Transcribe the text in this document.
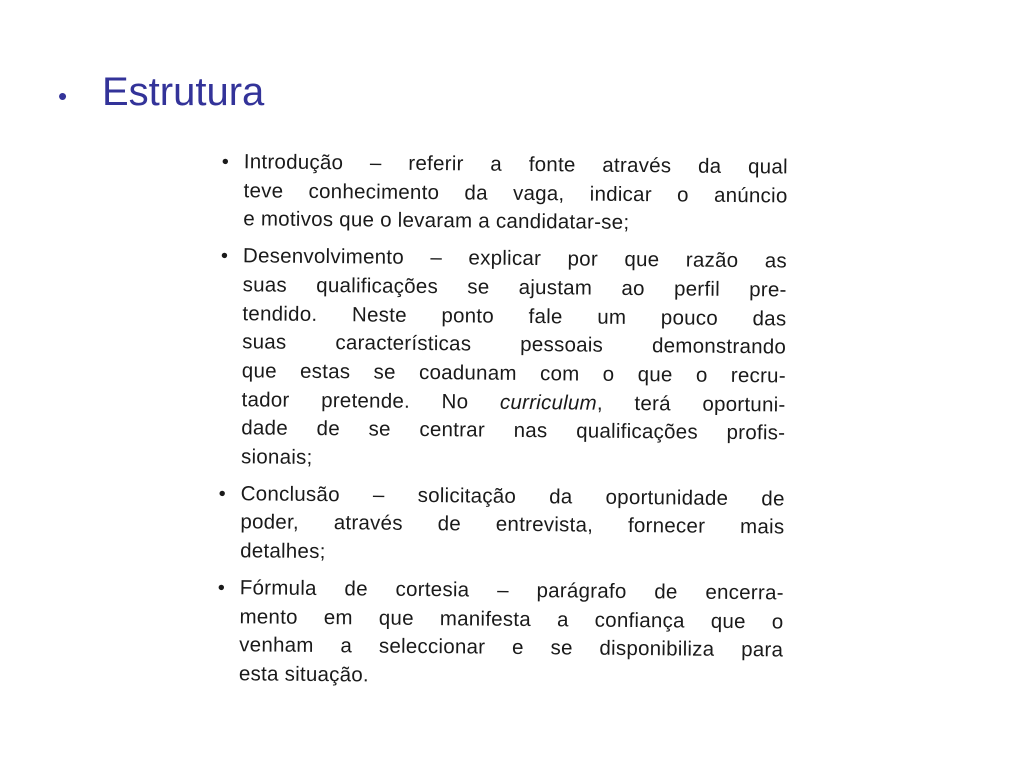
• Estrutura
• Introdução – referir a fonte através da qual
teve conhecimento da vaga, indicar o anúncio
e motivos que o levaram a candidatar-se;
• Desenvolvimento – explicar por que razão as
suas qualificações se ajustam ao perfil pre-
tendido. Neste ponto fale um pouco das
suas características pessoais demonstrando
que estas se coadunam com o que o recru-
tador pretende. No curriculum, terá oportuni-
dade de se centrar nas qualificações profis-
sionais;
• Conclusão – solicitação da oportunidade de
poder, através de entrevista, fornecer mais
detalhes;
• Fórmula de cortesia – parágrafo de encerra-
mento em que manifesta a confiança que o
venham a seleccionar e se disponibiliza para
esta situação.
